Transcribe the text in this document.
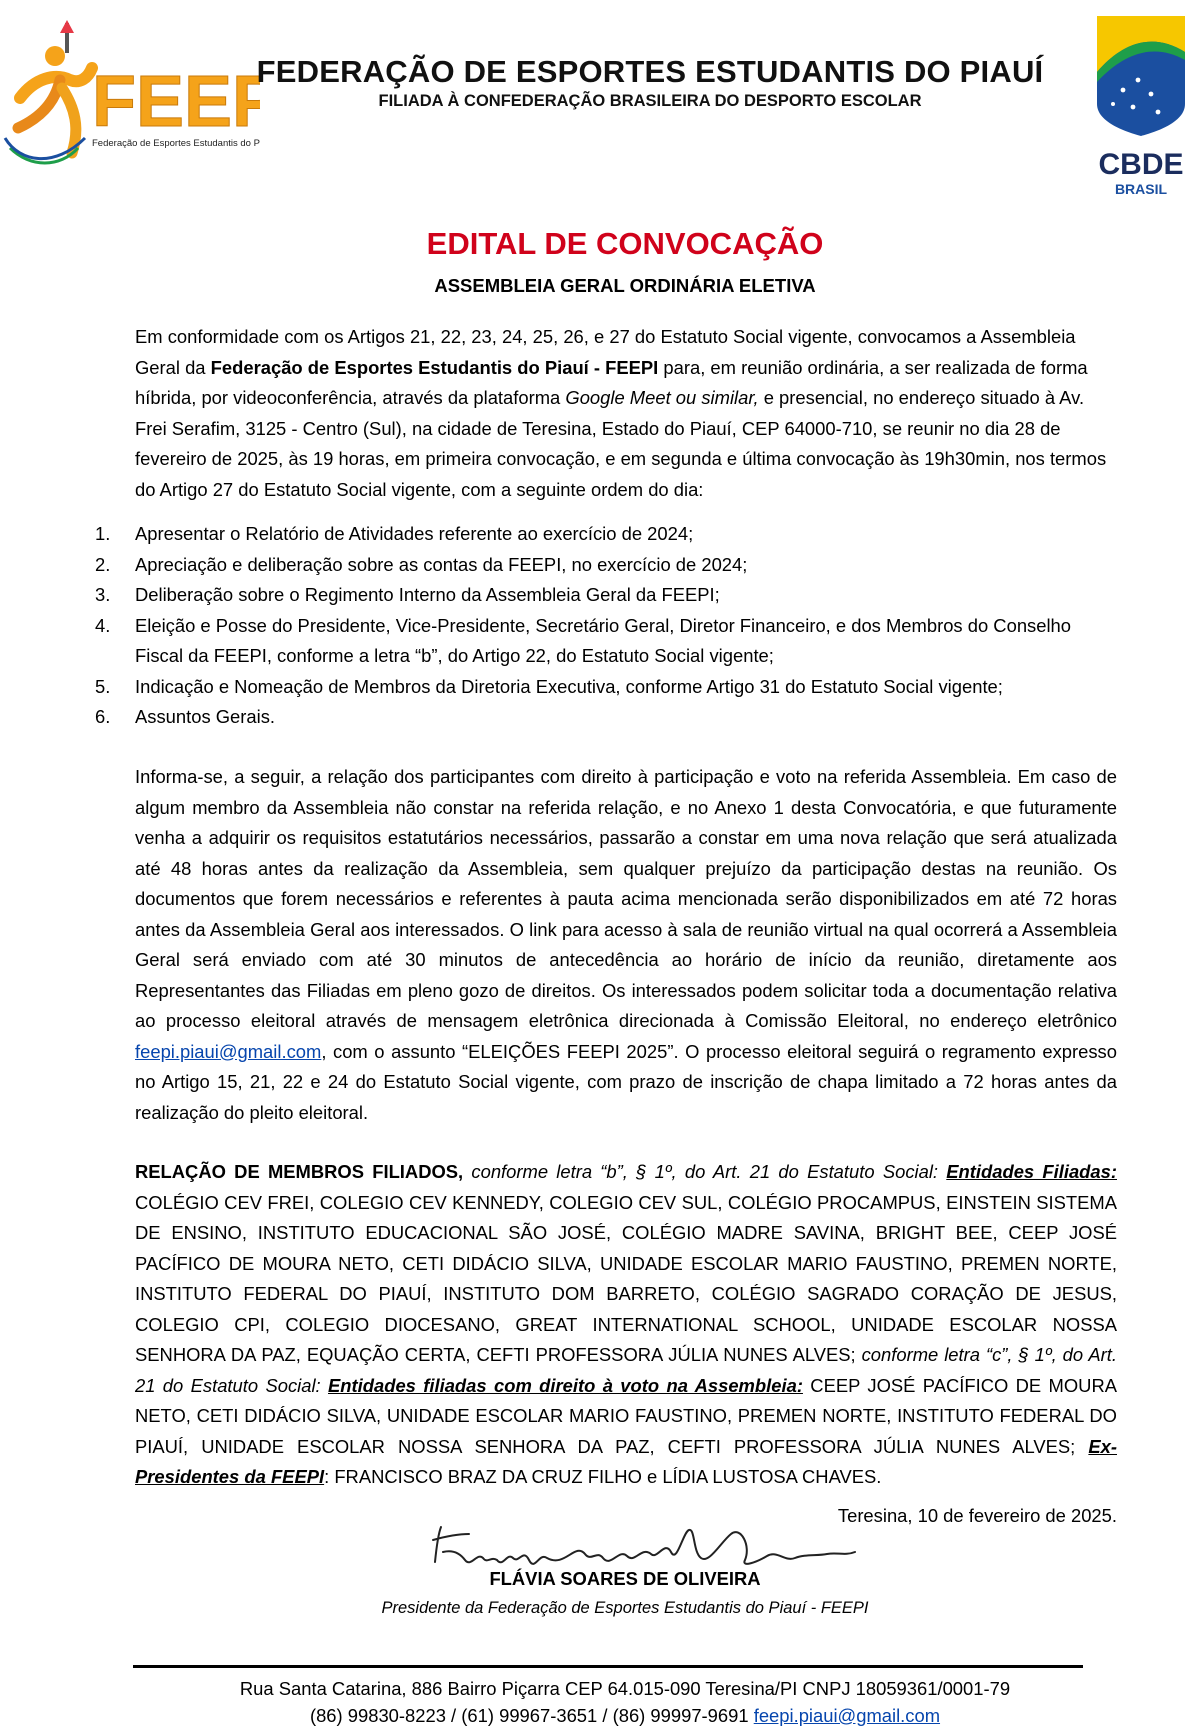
FEEP
Federação de Esportes Estudantis do Piauí
FEDERAÇÃO DE ESPORTES ESTUDANTIS DO PIAUÍ
FILIADA À CONFEDERAÇÃO BRASILEIRA DO DESPORTO ESCOLAR
CBDE
BRASIL
EDITAL DE CONVOCAÇÃO
ASSEMBLEIA GERAL ORDINÁRIA ELETIVA
Em conformidade com os Artigos 21, 22, 23, 24, 25, 26, e 27 do Estatuto Social vigente, convocamos a Assembleia Geral da Federação de Esportes Estudantis do Piauí - FEEPI para, em reunião ordinária, a ser realizada de forma híbrida, por videoconferência, através da plataforma Google Meet ou similar, e presencial, no endereço situado à Av. Frei Serafim, 3125 - Centro (Sul), na cidade de Teresina, Estado do Piauí, CEP 64000-710, se reunir no dia 28 de fevereiro de 2025, às 19 horas, em primeira convocação, e em segunda e última convocação às 19h30min, nos termos do Artigo 27 do Estatuto Social vigente, com a seguinte ordem do dia:
1. Apresentar o Relatório de Atividades referente ao exercício de 2024;
2. Apreciação e deliberação sobre as contas da FEEPI, no exercício de 2024;
3. Deliberação sobre o Regimento Interno da Assembleia Geral da FEEPI;
4. Eleição e Posse do Presidente, Vice-Presidente, Secretário Geral, Diretor Financeiro, e dos Membros do Conselho Fiscal da FEEPI, conforme a letra “b”, do Artigo 22, do Estatuto Social vigente;
5. Indicação e Nomeação de Membros da Diretoria Executiva, conforme Artigo 31 do Estatuto Social vigente;
6. Assuntos Gerais.
Informa-se, a seguir, a relação dos participantes com direito à participação e voto na referida Assembleia. Em caso de algum membro da Assembleia não constar na referida relação, e no Anexo 1 desta Convocatória, e que futuramente venha a adquirir os requisitos estatutários necessários, passarão a constar em uma nova relação que será atualizada até 48 horas antes da realização da Assembleia, sem qualquer prejuízo da participação destas na reunião. Os documentos que forem necessários e referentes à pauta acima mencionada serão disponibilizados em até 72 horas antes da Assembleia Geral aos interessados. O link para acesso à sala de reunião virtual na qual ocorrerá a Assembleia Geral será enviado com até 30 minutos de antecedência ao horário de início da reunião, diretamente aos Representantes das Filiadas em pleno gozo de direitos. Os interessados podem solicitar toda a documentação relativa ao processo eleitoral através de mensagem eletrônica direcionada à Comissão Eleitoral, no endereço eletrônico feepi.piaui@gmail.com, com o assunto “ELEIÇÕES FEEPI 2025”. O processo eleitoral seguirá o regramento expresso no Artigo 15, 21, 22 e 24 do Estatuto Social vigente, com prazo de inscrição de chapa limitado a 72 horas antes da realização do pleito eleitoral.
RELAÇÃO DE MEMBROS FILIADOS, conforme letra “b”, § 1º, do Art. 21 do Estatuto Social: Entidades Filiadas: COLÉGIO CEV FREI, COLEGIO CEV KENNEDY, COLEGIO CEV SUL, COLÉGIO PROCAMPUS, EINSTEIN SISTEMA DE ENSINO, INSTITUTO EDUCACIONAL SÃO JOSÉ, COLÉGIO MADRE SAVINA, BRIGHT BEE, CEEP JOSÉ PACÍFICO DE MOURA NETO, CETI DIDÁCIO SILVA, UNIDADE ESCOLAR MARIO FAUSTINO, PREMEN NORTE, INSTITUTO FEDERAL DO PIAUÍ, INSTITUTO DOM BARRETO, COLÉGIO SAGRADO CORAÇÃO DE JESUS, COLEGIO CPI, COLEGIO DIOCESANO, GREAT INTERNATIONAL SCHOOL, UNIDADE ESCOLAR NOSSA SENHORA DA PAZ, EQUAÇÃO CERTA, CEFTI PROFESSORA JÚLIA NUNES ALVES; conforme letra “c”, § 1º, do Art. 21 do Estatuto Social: Entidades filiadas com direito à voto na Assembleia: CEEP JOSÉ PACÍFICO DE MOURA NETO, CETI DIDÁCIO SILVA, UNIDADE ESCOLAR MARIO FAUSTINO, PREMEN NORTE, INSTITUTO FEDERAL DO PIAUÍ, UNIDADE ESCOLAR NOSSA SENHORA DA PAZ, CEFTI PROFESSORA JÚLIA NUNES ALVES; Ex-Presidentes da FEEPI: FRANCISCO BRAZ DA CRUZ FILHO e LÍDIA LUSTOSA CHAVES.
Teresina, 10 de fevereiro de 2025.
FLÁVIA SOARES DE OLIVEIRA
Presidente da Federação de Esportes Estudantis do Piauí - FEEPI
Rua Santa Catarina, 886 Bairro Piçarra CEP 64.015-090 Teresina/PI CNPJ 18059361/0001-79
(86) 99830-8223 / (61) 99967-3651 / (86) 99997-9691 feepi.piaui@gmail.com
